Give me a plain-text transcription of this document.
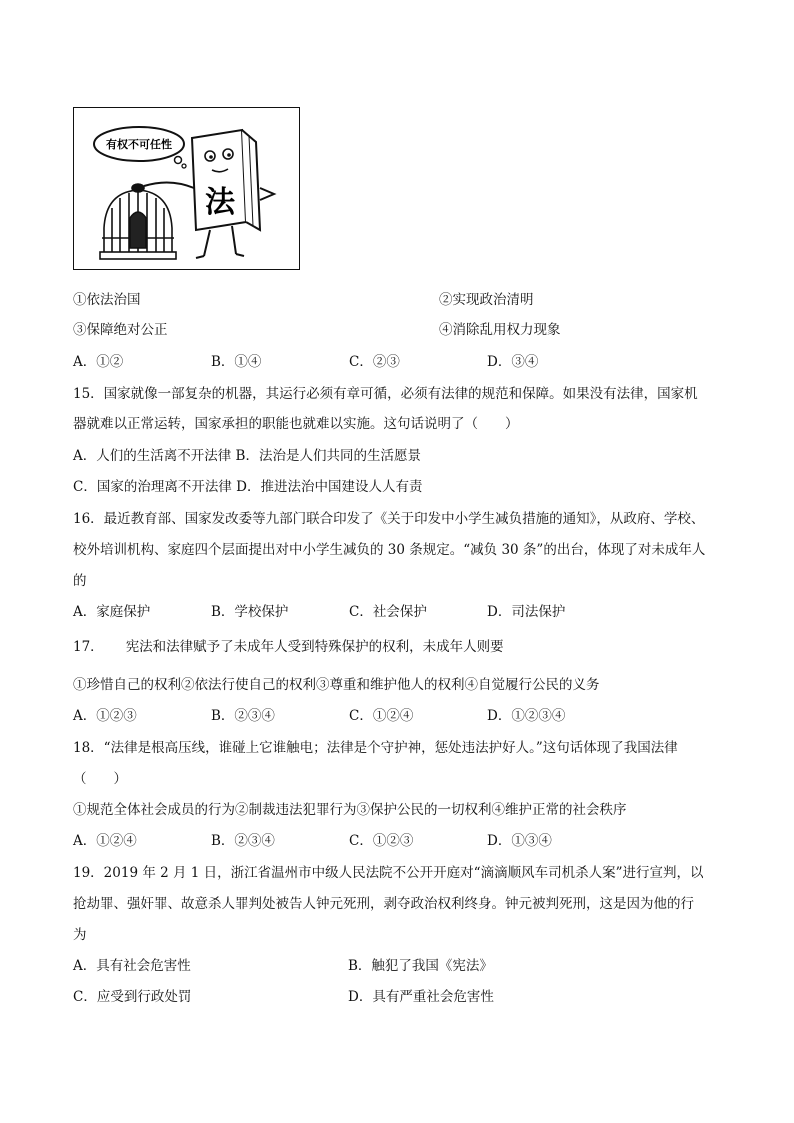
有权不可任性
法
①依法治国	②实现政治清明
③保障绝对公正	④消除乱用权力现象
A．①②	B．①④	C．②③	D．③④
15．国家就像一部复杂的机器，其运行必须有章可循，必须有法律的规范和保障。如果没有法律，国家机
器就难以正常运转，国家承担的职能也就难以实施。这句话说明了（　　）
A．人们的生活离不开法律 B．法治是人们共同的生活愿景
C．国家的治理离不开法律 D．推进法治中国建设人人有责
16．最近教育部、国家发改委等九部门联合印发了《关于印发中小学生减负措施的通知》，从政府、学校、
校外培训机构、家庭四个层面提出对中小学生减负的 30 条规定。“减负 30 条”的出台，体现了对未成年人
的
A．家庭保护	B．学校保护	C．社会保护	D．司法保护
17． 宪法和法律赋予了未成年人受到特殊保护的权利，未成年人则要
①珍惜自己的权利②依法行使自己的权利③尊重和维护他人的权利④自觉履行公民的义务
A．①②③	B．②③④	C．①②④	D．①②③④
18．“法律是根高压线，谁碰上它谁触电；法律是个守护神，惩处违法护好人。”这句话体现了我国法律
（　　）
①规范全体社会成员的行为②制裁违法犯罪行为③保护公民的一切权利④维护正常的社会秩序
A．①②④	B．②③④	C．①②③	D．①③④
19．2019 年 2 月 1 日，浙江省温州市中级人民法院不公开开庭对“滴滴顺风车司机杀人案”进行宣判，以
抢劫罪、强奸罪、故意杀人罪判处被告人钟元死刑，剥夺政治权利终身。钟元被判死刑，这是因为他的行
为
A．具有社会危害性	B．触犯了我国《宪法》
C．应受到行政处罚	D．具有严重社会危害性
